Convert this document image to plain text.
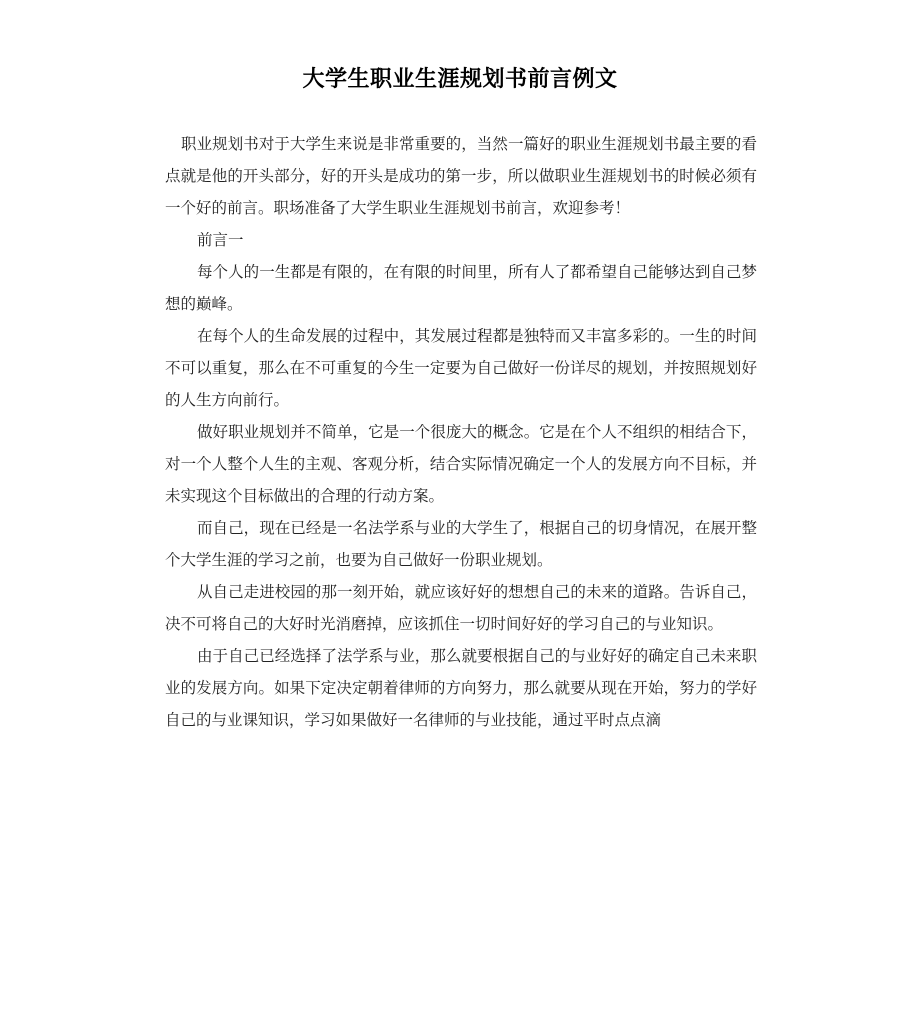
大学生职业生涯规划书前言例文

职业规划书对于大学生来说是非常重要的，当然一篇好的职业生涯规划书最主要的看点就是他的开头部分，好的开头是成功的第一步，所以做职业生涯规划书的时候必须有一个好的前言。职场准备了大学生职业生涯规划书前言，欢迎参考！

前言一

每个人的一生都是有限的，在有限的时间里，所有人了都希望自己能够达到自己梦想的巅峰。

在每个人的生命发展的过程中，其发展过程都是独特而又丰富多彩的。一生的时间不可以重复，那么在不可重复的今生一定要为自己做好一份详尽的规划，并按照规划好的人生方向前行。

做好职业规划并不简单，它是一个很庞大的概念。它是在个人不组织的相结合下，对一个人整个人生的主观、客观分析，结合实际情况确定一个人的发展方向不目标，并未实现这个目标做出的合理的行动方案。

而自己，现在已经是一名法学系与业的大学生了，根据自己的切身情况，在展开整个大学生涯的学习之前，也要为自己做好一份职业规划。

从自己走进校园的那一刻开始，就应该好好的想想自己的未来的道路。告诉自己，决不可将自己的大好时光消磨掉，应该抓住一切时间好好的学习自己的与业知识。

由于自己已经选择了法学系与业，那么就要根据自己的与业好好的确定自己未来职业的发展方向。如果下定决定朝着律师的方向努力，那么就要从现在开始，努力的学好自己的与业课知识，学习如果做好一名律师的与业技能，通过平时点点滴
